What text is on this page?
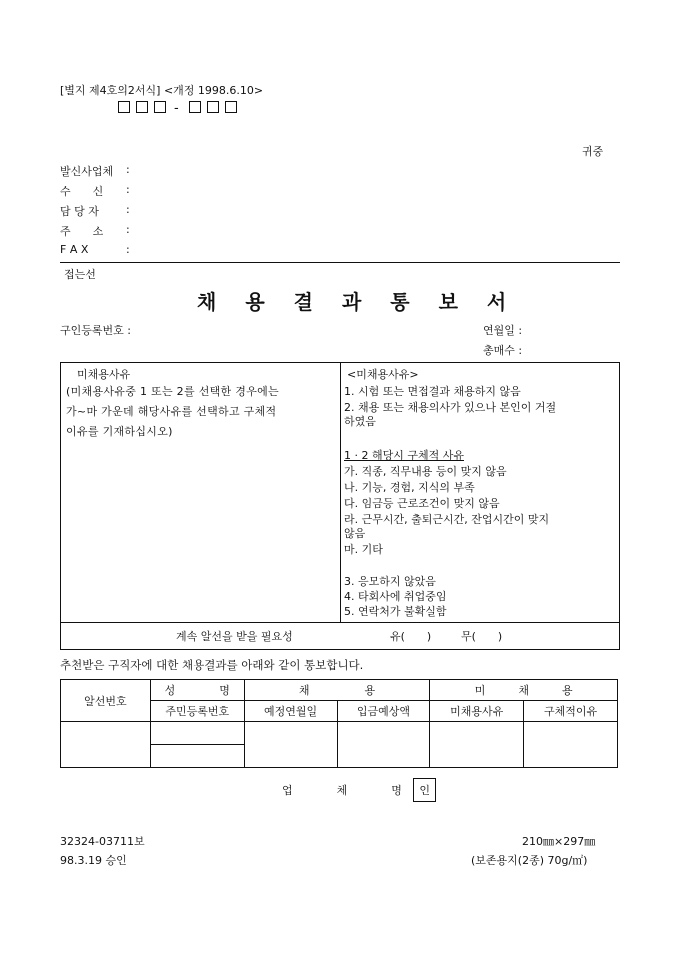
[별지 제4호의2서식] <개정 1998.6.10>
-
귀중
발신사업체 :
수　　신 :
담 당 자 :
주　　소 :
F A X	:
접는선
채용결과통보서
구인등록번호 :	연월일 :
총매수 :
미채용사유
(미채용사유중 1 또는 2를 선택한 경우에는
가~마 가운데 해당사유를 선택하고 구체적
이유를 기재하십시오)
<미채용사유>
1. 시험 또는 면접결과 채용하지 않음
2. 채용 또는 채용의사가 있으나 본인이 거절
하였음
1 · 2 해당시 구체적 사유
가. 직종, 직무내용 등이 맞지 않음
나. 기능, 경험, 지식의 부족
다. 임금등 근로조건이 맞지 않음
라. 근무시간, 출퇴근시간, 잔업시간이 맞지
않음
마. 기타
3. 응모하지 않았음
4. 타회사에 취업중임
5. 연락처가 불확실함
계속 알선을 받을 필요성	유(　　)	무(　　)
추천받은 구직자에 대한 채용결과를 아래와 같이 통보합니다.
알선번호	성　　　　명	채　　　　　용		미　　　채　　　용	
	주민등록번호	예정연월일	입금예상액	미채용사유	구체적이유

업　　　　체　　　　명 인
32324-03711보
98.3.19 승인
210㎜×297㎜
(보존용지(2종) 70g/㎡)
